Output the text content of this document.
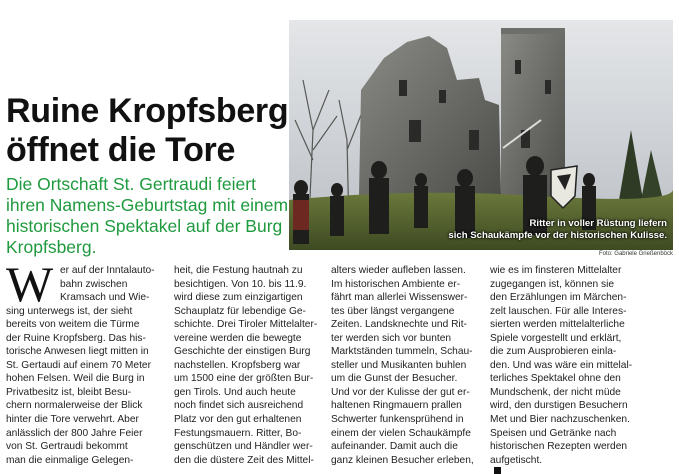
Ruine Kropfsberg
öffnet die Tore

Die Ortschaft St. Gertraudi feiert
ihren Namens-Geburtstag mit einem
historischen Spektakel auf der Burg
Kropfsberg.

Ritter in voller Rüstung liefern
sich Schaukämpfe vor der historischen Kulisse.
Foto: Gabriele Grießenböck
W er auf der Inntalauto-
bahn zwischen
Kramsach und Wie-
sing unterwegs ist, der sieht
bereits von weitem die Türme
der Ruine Kropfsberg. Das his-
torische Anwesen liegt mitten in
St. Gertaudi auf einem 70 Meter
hohen Felsen. Weil die Burg in
Privatbesitz ist, bleibt Besu-
chern normalerweise der Blick
hinter die Tore verwehrt. Aber
anlässlich der 800 Jahre Feier
von St. Gertraudi bekommt
man die einmalige Gelegen-
heit, die Festung hautnah zu
besichtigen. Von 10. bis 11.9.
wird diese zum einzigartigen
Schauplatz für lebendige Ge-
schichte. Drei Tiroler Mittelalter-
vereine werden die bewegte
Geschichte der einstigen Burg
nachstellen. Kropfsberg war
um 1500 eine der größten Bur-
gen Tirols. Und auch heute
noch findet sich ausreichend
Platz vor den gut erhaltenen
Festungsmauern. Ritter, Bo-
genschützen und Händler wer-
den die düstere Zeit des Mittel-
alters wieder aufleben lassen.
Im historischen Ambiente er-
fährt man allerlei Wissenswer-
tes über längst vergangene
Zeiten. Landsknechte und Rit-
ter werden sich vor bunten
Marktständen tummeln, Schau-
steller und Musikanten buhlen
um die Gunst der Besucher.
Und vor der Kulisse der gut er-
haltenen Ringmauern prallen
Schwerter funkensprühend in
einem der vielen Schaukämpfe
aufeinander. Damit auch die
ganz kleinen Besucher erleben,
wie es im finsteren Mittelalter
zugegangen ist, können sie
den Erzählungen im Märchen-
zelt lauschen. Für alle Interes-
sierten werden mittelalterliche
Spiele vorgestellt und erklärt,
die zum Ausprobieren einla-
den. Und was wäre ein mittelal-
terliches Spektakel ohne den
Mundschenk, der nicht müde
wird, den durstigen Besuchern
Met und Bier nachzuschenken.
Speisen und Getränke nach
historischen Rezepten werden
aufgetischt.
